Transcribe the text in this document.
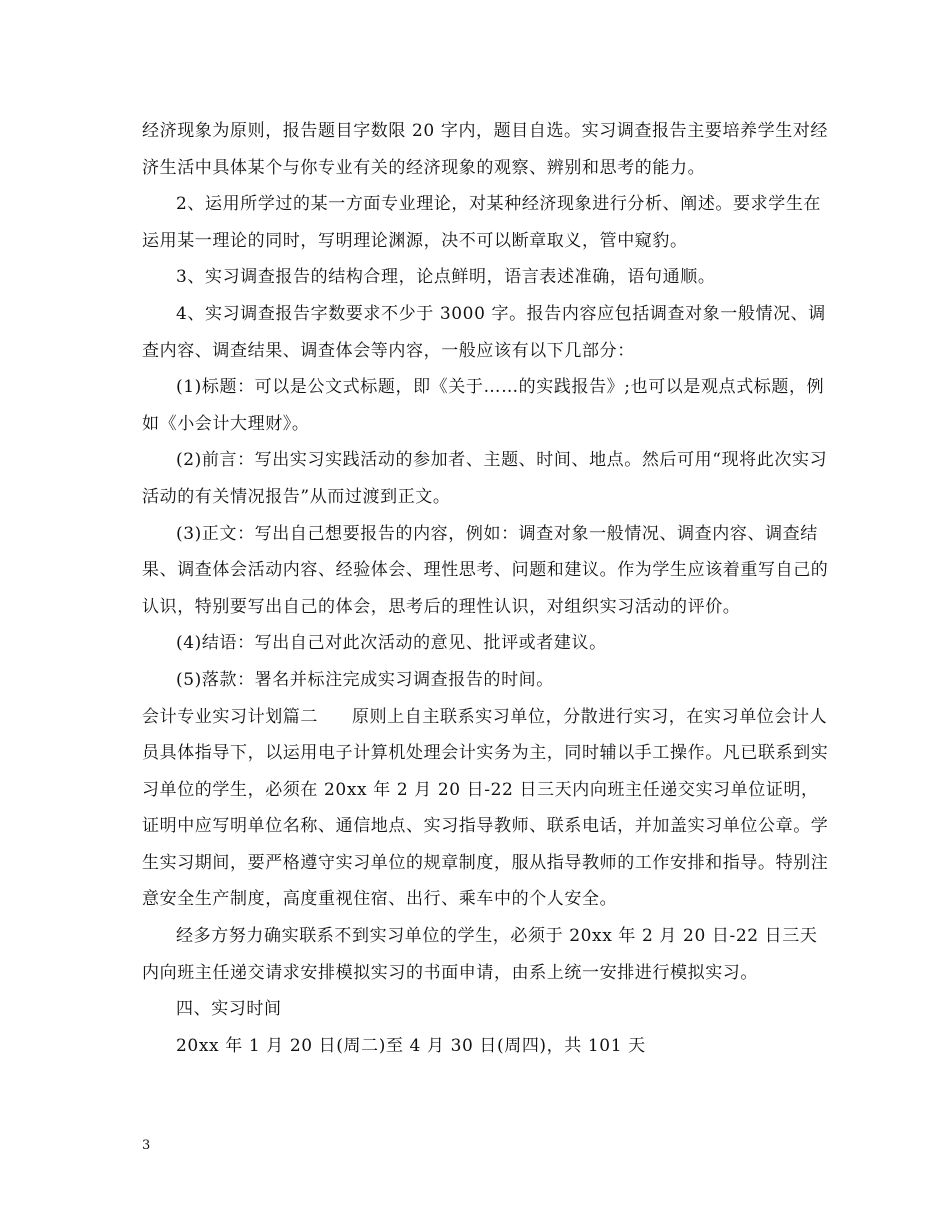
经济现象为原则，报告题目字数限 20 字内，题目自选。实习调查报告主要培养学生对经济生活中具体某个与你专业有关的经济现象的观察、辨别和思考的能力。

2、运用所学过的某一方面专业理论，对某种经济现象进行分析、阐述。要求学生在运用某一理论的同时，写明理论渊源，决不可以断章取义，管中窥豹。

3、实习调查报告的结构合理，论点鲜明，语言表述准确，语句通顺。

4、实习调查报告字数要求不少于 3000 字。报告内容应包括调查对象一般情况、调查内容、调查结果、调查体会等内容，一般应该有以下几部分：

(1)标题：可以是公文式标题，即《关于……的实践报告》;也可以是观点式标题，例如《小会计大理财》。

(2)前言：写出实习实践活动的参加者、主题、时间、地点。然后可用“现将此次实习活动的有关情况报告”从而过渡到正文。

(3)正文：写出自己想要报告的内容，例如：调查对象一般情况、调查内容、调查结果、调查体会活动内容、经验体会、理性思考、问题和建议。作为学生应该着重写自己的认识，特别要写出自己的体会，思考后的理性认识，对组织实习活动的评价。

(4)结语：写出自己对此次活动的意见、批评或者建议。

(5)落款：署名并标注完成实习调查报告的时间。

会计专业实习计划篇二 原则上自主联系实习单位，分散进行实习，在实习单位会计人员具体指导下，以运用电子计算机处理会计实务为主，同时辅以手工操作。凡已联系到实习单位的学生，必须在 20xx 年 2 月 20 日-22 日三天内向班主任递交实习单位证明，证明中应写明单位名称、通信地点、实习指导教师、联系电话，并加盖实习单位公章。学生实习期间，要严格遵守实习单位的规章制度，服从指导教师的工作安排和指导。特别注意安全生产制度，高度重视住宿、出行、乘车中的个人安全。

经多方努力确实联系不到实习单位的学生，必须于 20xx 年 2 月 20 日-22 日三天内向班主任递交请求安排模拟实习的书面申请，由系上统一安排进行模拟实习。

四、实习时间

20xx 年 1 月 20 日(周二)至 4 月 30 日(周四)，共 101 天

3
